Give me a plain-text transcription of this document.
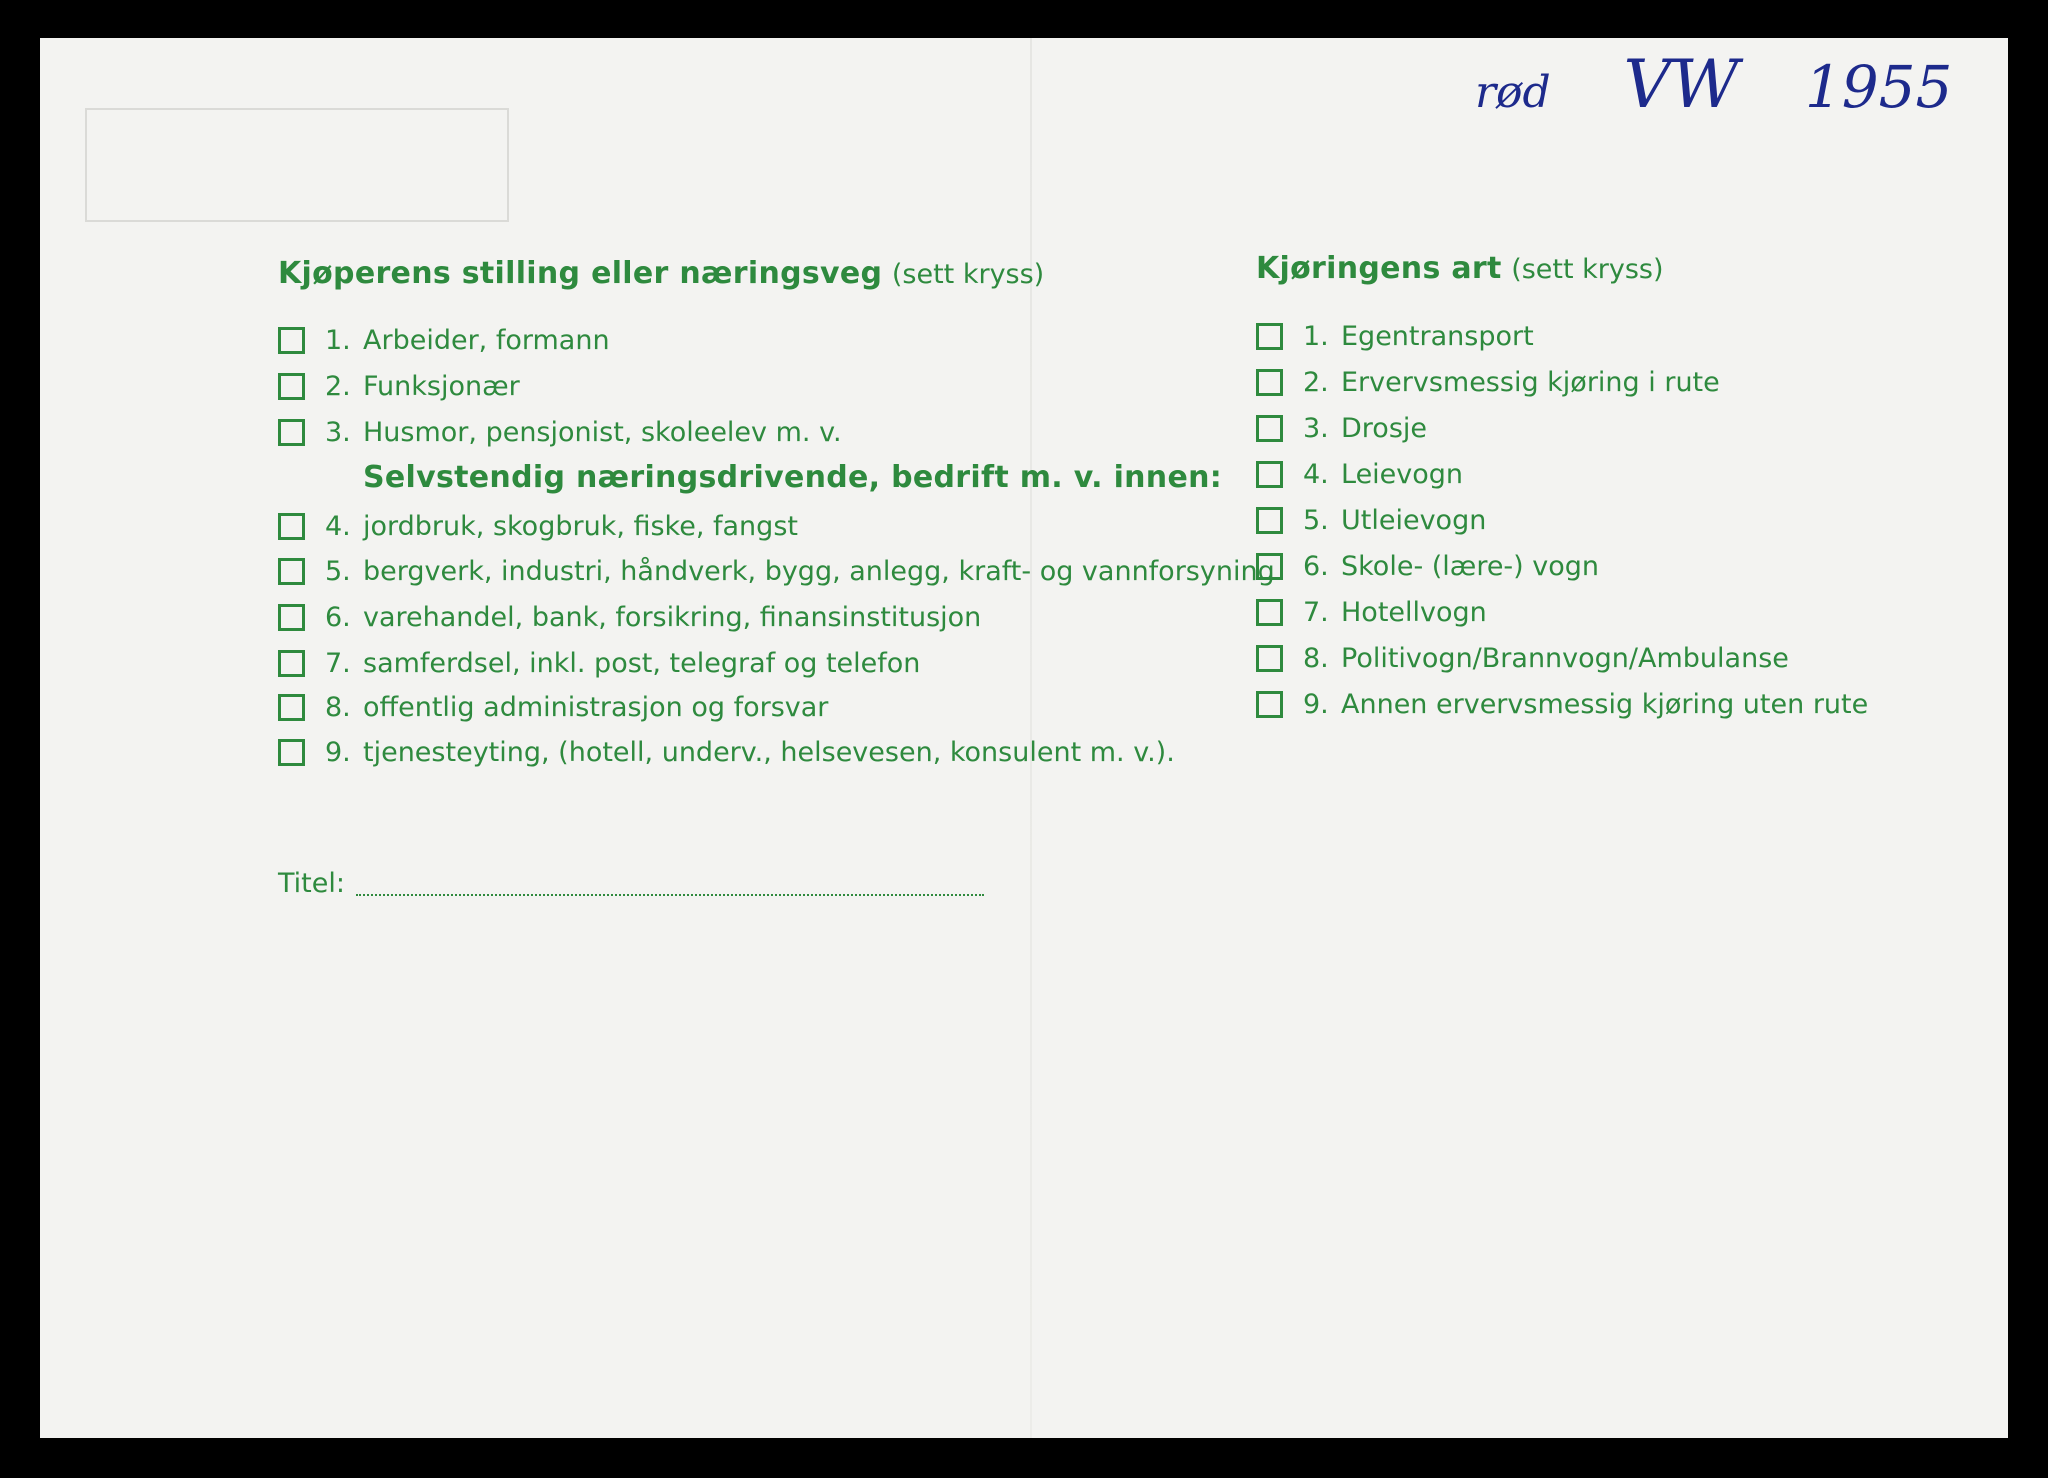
rød VW 1955
Kjøperens stilling eller næringsveg (sett kryss)
1. Arbeider, formann
2. Funksjonær
3. Husmor, pensjonist, skoleelev m. v.
Selvstendig næringsdrivende, bedrift m. v. innen:
4. jordbruk, skogbruk, fiske, fangst
5. bergverk, industri, håndverk, bygg, anlegg, kraft- og vannforsyning
6. varehandel, bank, forsikring, finansinstitusjon
7. samferdsel, inkl. post, telegraf og telefon
8. offentlig administrasjon og forsvar
9. tjenesteyting, (hotell, underv., helsevesen, konsulent m. v.).
Titel:
Kjøringens art (sett kryss)
1. Egentransport
2. Ervervsmessig kjøring i rute
3. Drosje
4. Leievogn
5. Utleievogn
6. Skole- (lære-) vogn
7. Hotellvogn
8. Politivogn/Brannvogn/Ambulanse
9. Annen ervervsmessig kjøring uten rute
